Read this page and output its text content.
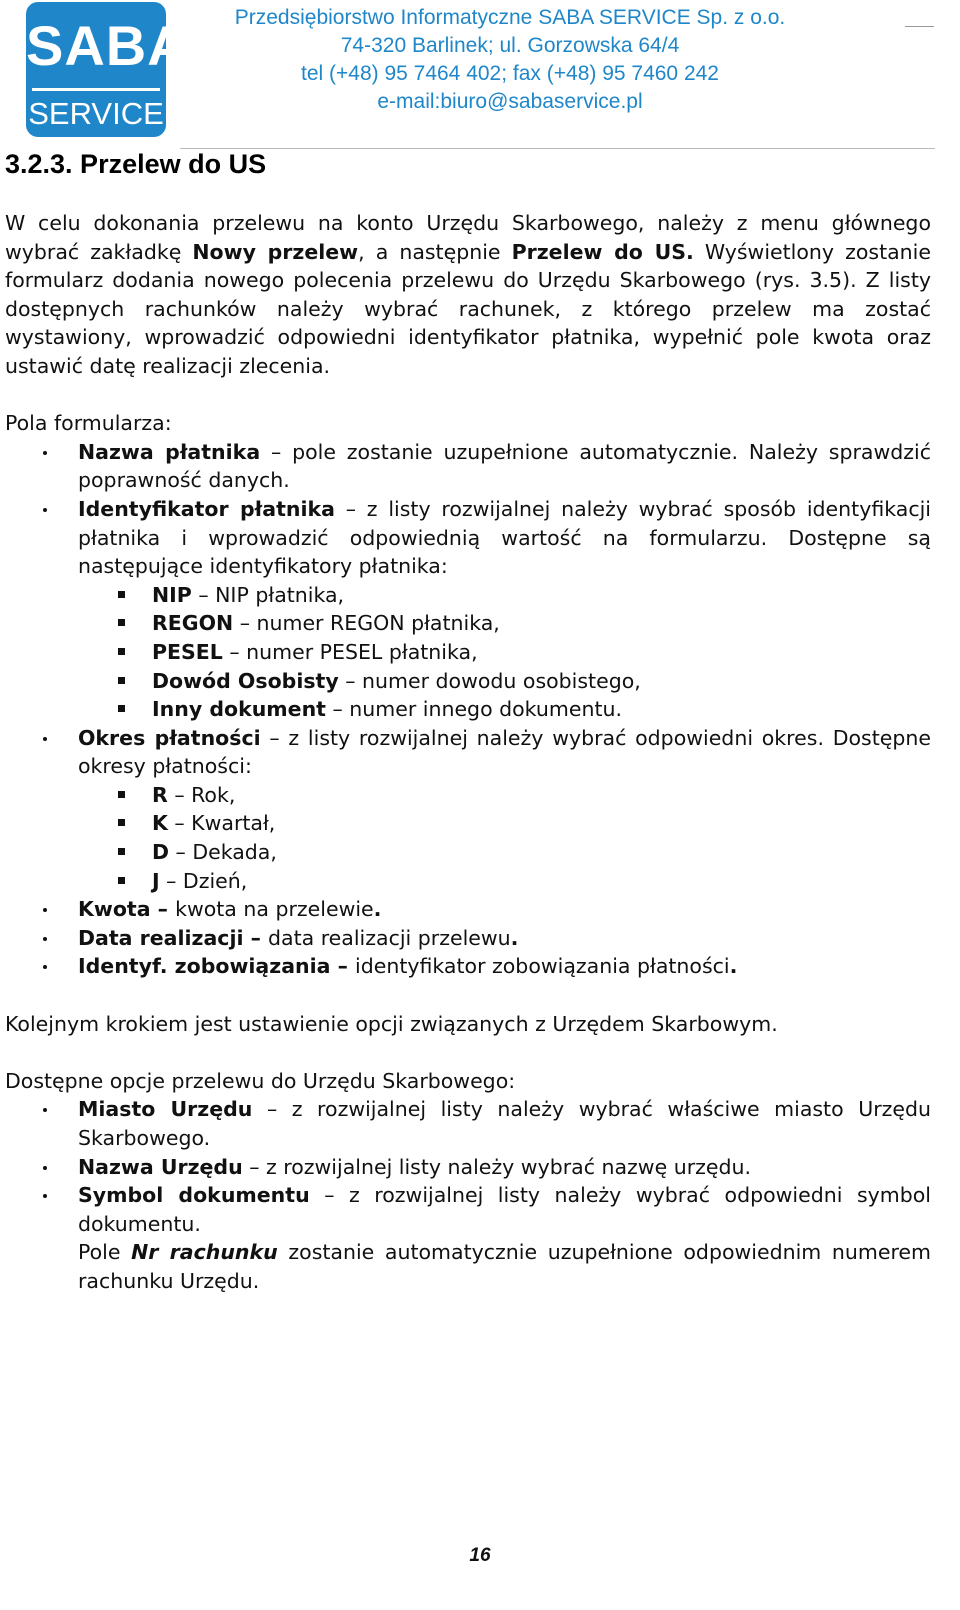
SABA
SERVICE
Przedsiębiorstwo Informatyczne SABA SERVICE Sp. z o.o.
74-320 Barlinek; ul. Gorzowska 64/4
tel (+48) 95 7464 402; fax (+48) 95 7460 242
e-mail:biuro@sabaservice.pl
3.2.3. Przelew do US

W celu dokonania przelewu na konto Urzędu Skarbowego, należy z menu głównego wybrać zakładkę Nowy przelew, a następnie Przelew do US. Wyświetlony zostanie formularz dodania nowego polecenia przelewu do Urzędu Skarbowego (rys. 3.5). Z listy dostępnych rachunków należy wybrać rachunek, z którego przelew ma zostać wystawiony, wprowadzić odpowiedni identyfikator płatnika, wypełnić pole kwota oraz ustawić datę realizacji zlecenia.

Pola formularza:

Nazwa płatnika – pole zostanie uzupełnione automatycznie. Należy sprawdzić poprawność danych.
Identyfikator płatnika – z listy rozwijalnej należy wybrać sposób identyfikacji płatnika i wprowadzić odpowiednią wartość na formularzu. Dostępne są następujące identyfikatory płatnika:
NIP – NIP płatnika,
REGON – numer REGON płatnika,
PESEL – numer PESEL płatnika,
Dowód Osobisty – numer dowodu osobistego,
Inny dokument – numer innego dokumentu.
Okres płatności – z listy rozwijalnej należy wybrać odpowiedni okres. Dostępne okresy płatności:
R – Rok,
K – Kwartał,
D – Dekada,
J – Dzień,
Kwota – kwota na przelewie.
Data realizacji – data realizacji przelewu.
Identyf. zobowiązania – identyfikator zobowiązania płatności.

Kolejnym krokiem jest ustawienie opcji związanych z Urzędem Skarbowym.

Dostępne opcje przelewu do Urzędu Skarbowego:

Miasto Urzędu – z rozwijalnej listy należy wybrać właściwe miasto Urzędu Skarbowego.
Nazwa Urzędu – z rozwijalnej listy należy wybrać nazwę urzędu.
Symbol dokumentu – z rozwijalnej listy należy wybrać odpowiedni symbol dokumentu.
Pole Nr rachunku zostanie automatycznie uzupełnione odpowiednim numerem rachunku Urzędu.
16
